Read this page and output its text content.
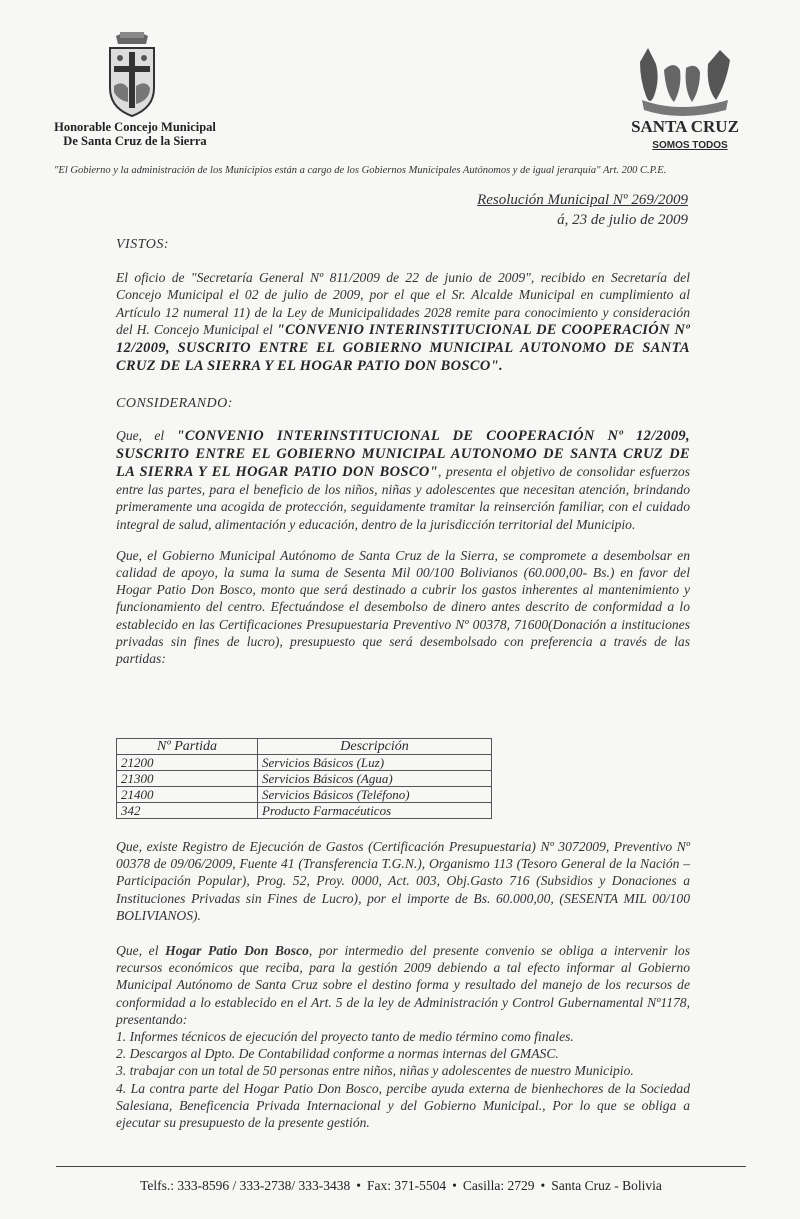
Honorable Concejo Municipal
De Santa Cruz de la Sierra
SANTA CRUZ
SOMOS TODOS
"El Gobierno y la administración de los Municipios están a cargo de los Gobiernos Municipales Autónomos y de igual jerarquía" Art. 200 C.P.E.
Resolución Municipal Nº 269/2009
á, 23 de julio de 2009

VISTOS:

El oficio de "Secretaría General Nº 811/2009 de 22 de junio de 2009", recibido en Secretaría del Concejo Municipal el 02 de julio de 2009, por el que el Sr. Alcalde Municipal en cumplimiento al Artículo 12 numeral 11) de la Ley de Municipalidades 2028 remite para conocimiento y consideración del H. Concejo Municipal el "CONVENIO INTERINSTITUCIONAL DE COOPERACIÓN Nº 12/2009, SUSCRITO ENTRE EL GOBIERNO MUNICIPAL AUTONOMO DE SANTA CRUZ DE LA SIERRA Y EL HOGAR PATIO DON BOSCO".

CONSIDERANDO:

Que, el "CONVENIO INTERINSTITUCIONAL DE COOPERACIÓN Nº 12/2009, SUSCRITO ENTRE EL GOBIERNO MUNICIPAL AUTONOMO DE SANTA CRUZ DE LA SIERRA Y EL HOGAR PATIO DON BOSCO", presenta el objetivo de consolidar esfuerzos entre las partes, para el beneficio de los niños, niñas y adolescentes que necesitan atención, brindando primeramente una acogida de protección, seguidamente tramitar la reinserción familiar, con el cuidado integral de salud, alimentación y educación, dentro de la jurisdicción territorial del Municipio.

Que, el Gobierno Municipal Autónomo de Santa Cruz de la Sierra, se compromete a desembolsar en calidad de apoyo, la suma la suma de Sesenta Mil 00/100 Bolivianos (60.000,00- Bs.) en favor del Hogar Patio Don Bosco, monto que será destinado a cubrir los gastos inherentes al mantenimiento y funcionamiento del centro. Efectuándose el desembolso de dinero antes descrito de conformidad a lo establecido en las Certificaciones Presupuestaria Preventivo Nº 00378, 71600(Donación a instituciones privadas sin fines de lucro), presupuesto que será desembolsado con preferencia a través de las partidas:

Nº Partida	Descripción
21200	Servicios Básicos (Luz)
21300	Servicios Básicos (Agua)
21400	Servicios Básicos (Teléfono)
342	Producto Farmacéuticos

Que, existe Registro de Ejecución de Gastos (Certificación Presupuestaria) Nº 3072009, Preventivo Nº 00378 de 09/06/2009, Fuente 41 (Transferencia T.G.N.), Organismo 113 (Tesoro General de la Nación – Participación Popular), Prog. 52, Proy. 0000, Act. 003, Obj.Gasto 716 (Subsidios y Donaciones a Instituciones Privadas sin Fines de Lucro), por el importe de Bs. 60.000,00, (SESENTA MIL 00/100 BOLIVIANOS).

Que, el Hogar Patio Don Bosco, por intermedio del presente convenio se obliga a intervenir los recursos económicos que reciba, para la gestión 2009 debiendo a tal efecto informar al Gobierno Municipal Autónomo de Santa Cruz sobre el destino forma y resultado del manejo de los recursos de conformidad a lo establecido en el Art. 5 de la ley de Administración y Control Gubernamental Nº1178, presentando:

1. Informes técnicos de ejecución del proyecto tanto de medio término como finales.
2. Descargos al Dpto. De Contabilidad conforme a normas internas del GMASC.
3. trabajar con un total de 50 personas entre niños, niñas y adolescentes de nuestro Municipio.
4. La contra parte del Hogar Patio Don Bosco, percibe ayuda externa de bienhechores de la Sociedad Salesiana, Beneficencia Privada Internacional y del Gobierno Municipal., Por lo que se obliga a ejecutar su presupuesto de la presente gestión.
Telfs.: 333-8596 / 333-2738/ 333-3438 • Fax: 371-5504 • Casilla: 2729 • Santa Cruz - Bolivia
